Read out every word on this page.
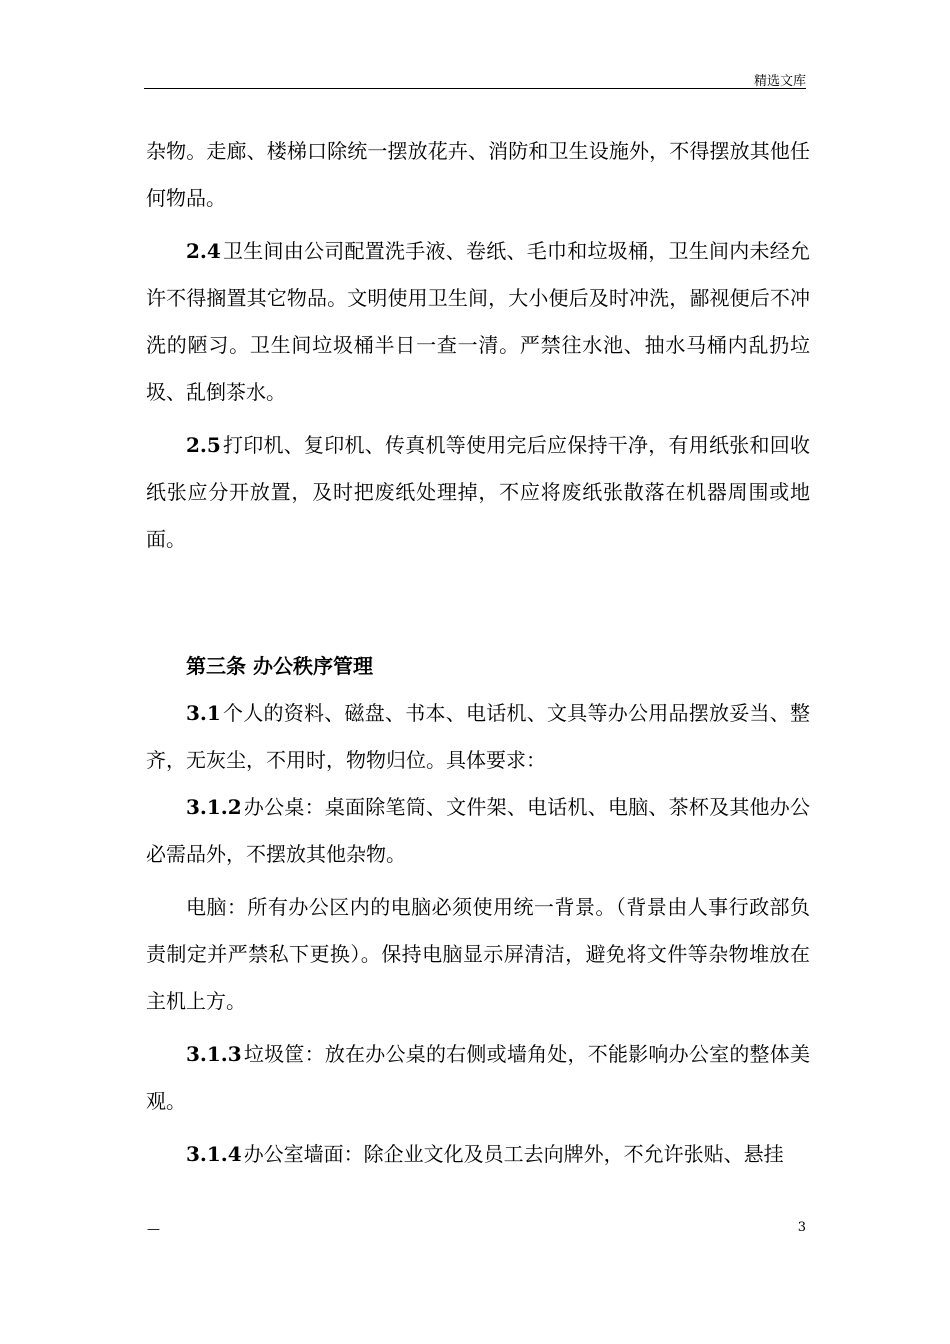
精选文库

杂物。走廊、楼梯口除统一摆放花卉、消防和卫生设施外，不得摆放其他任何物品。

2.4 卫生间由公司配置洗手液、卷纸、毛巾和垃圾桶，卫生间内未经允许不得搁置其它物品。文明使用卫生间，大小便后及时冲洗，鄙视便后不冲洗的陋习。卫生间垃圾桶半日一查一清。严禁往水池、抽水马桶内乱扔垃圾、乱倒茶水。

2.5 打印机、复印机、传真机等使用完后应保持干净，有用纸张和回收纸张应分开放置，及时把废纸处理掉，不应将废纸张散落在机器周围或地面。

第三条 办公秩序管理

3.1 个人的资料、磁盘、书本、电话机、文具等办公用品摆放妥当、整齐，无灰尘，不用时，物物归位。具体要求：

3.1.2 办公桌：桌面除笔筒、文件架、电话机、电脑、茶杯及其他办公必需品外，不摆放其他杂物。

电脑：所有办公区内的电脑必须使用统一背景。（背景由人事行政部负责制定并严禁私下更换）。保持电脑显示屏清洁，避免将文件等杂物堆放在主机上方。

3.1.3 垃圾筐：放在办公桌的右侧或墙角处，不能影响办公室的整体美观。

3.1.4 办公室墙面：除企业文化及员工去向牌外，不允许张贴、悬挂

—	3
